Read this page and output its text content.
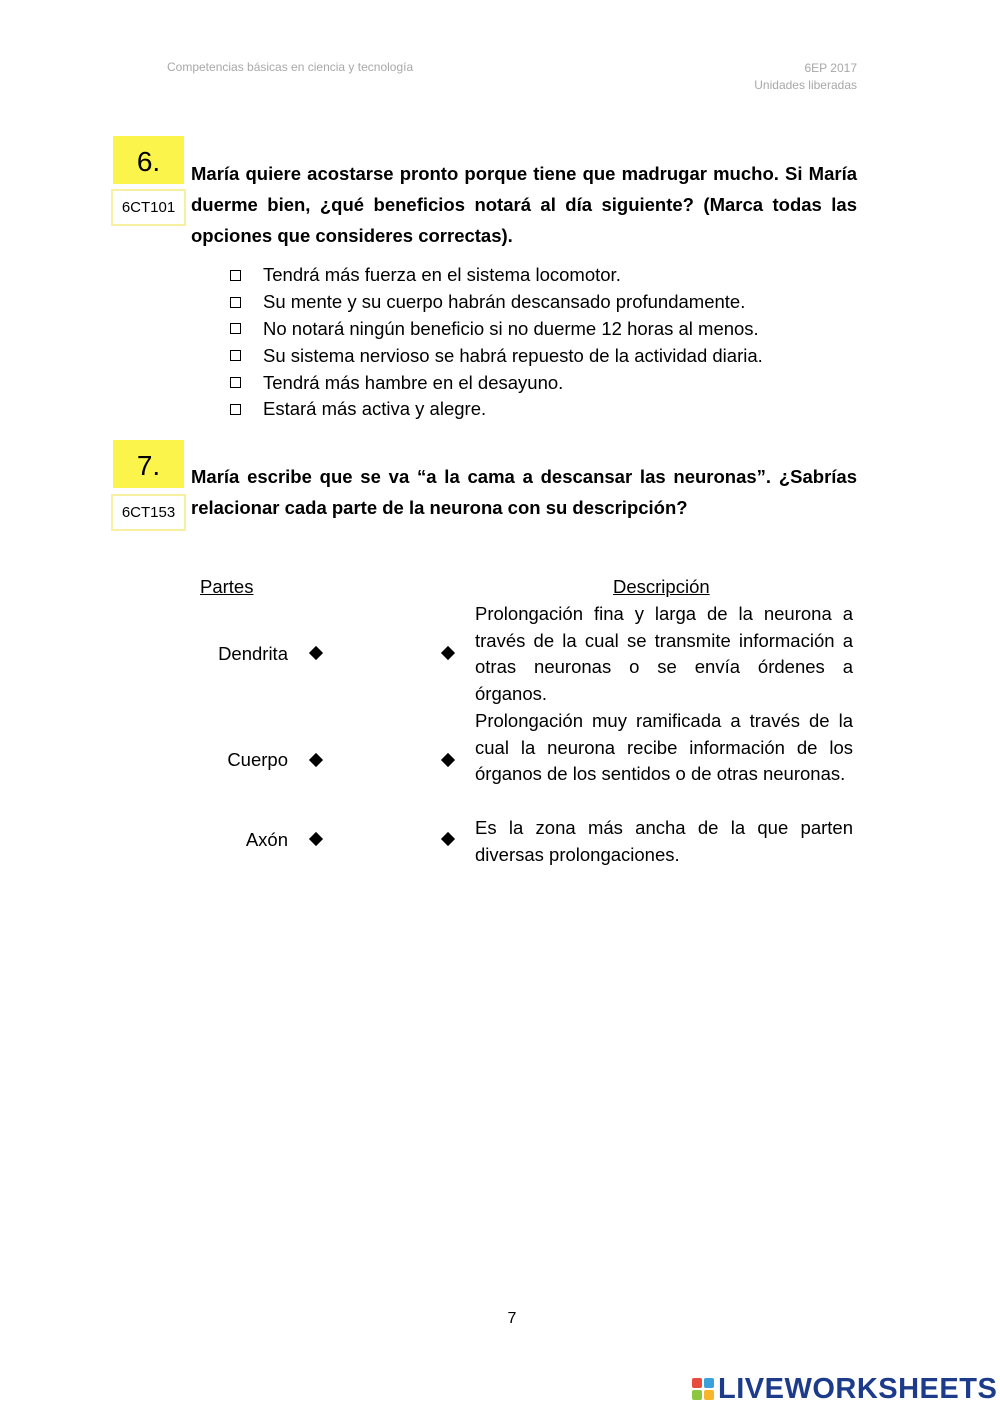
Competencias básicas en ciencia y tecnología	6EP 2017
Unidades liberadas
6.
6CT101
María quiere acostarse pronto porque tiene que madrugar mucho. Si María duerme bien, ¿qué beneficios notará al día siguiente? (Marca todas las opciones que consideres correctas).
Tendrá más fuerza en el sistema locomotor.
Su mente y su cuerpo habrán descansado profundamente.
No notará ningún beneficio si no duerme 12 horas al menos.
Su sistema nervioso se habrá repuesto de la actividad diaria.
Tendrá más hambre en el desayuno.
Estará más activa y alegre.
7.
6CT153
María escribe que se va “a la cama a descansar las neuronas”. ¿Sabrías relacionar cada parte de la neurona con su descripción?
Partes	Descripción
Dendrita
Cuerpo
Axón
Prolongación fina y larga de la neurona a través de la cual se transmite información a otras neuronas o se envía órdenes a órganos.
Prolongación muy ramificada a través de la cual la neurona recibe información de los órganos de los sentidos o de otras neuronas.
Es la zona más ancha de la que parten diversas prolongaciones.
7
LIVEWORKSHEETS
